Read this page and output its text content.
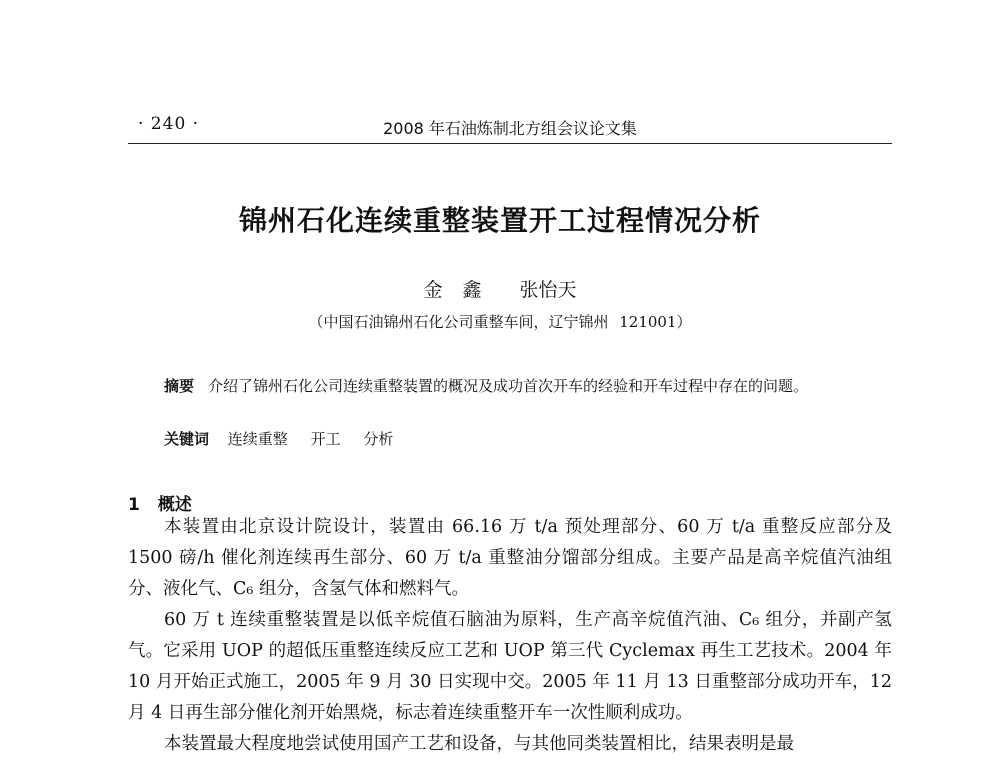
· 240 ·	2008 年石油炼制北方组会议论文集
锦州石化连续重整装置开工过程情况分析
金鑫 张怡天
（中国石油锦州石化公司重整车间，辽宁锦州 121001）
摘要 介绍了锦州石化公司连续重整装置的概况及成功首次开车的经验和开车过程中存在的问题。
关键词 连续重整 开工 分析
1 概述

本装置由北京设计院设计，装置由 66.16 万 t/a 预处理部分、60 万 t/a 重整反应部分及 1500 磅/h 催化剂连续再生部分、60 万 t/a 重整油分馏部分组成。主要产品是高辛烷值汽油组分、液化气、C₆ 组分，含氢气体和燃料气。

60 万 t 连续重整装置是以低辛烷值石脑油为原料，生产高辛烷值汽油、C₆ 组分，并副产氢气。它采用 UOP 的超低压重整连续反应工艺和 UOP 第三代 Cyclemax 再生工艺技术。2004 年10 月开始正式施工，2005 年 9 月 30 日实现中交。2005 年 11 月 13 日重整部分成功开车，12 月 4 日再生部分催化剂开始黑烧，标志着连续重整开车一次性顺利成功。

本装置最大程度地尝试使用国产工艺和设备，与其他同类装置相比，结果表明是最
